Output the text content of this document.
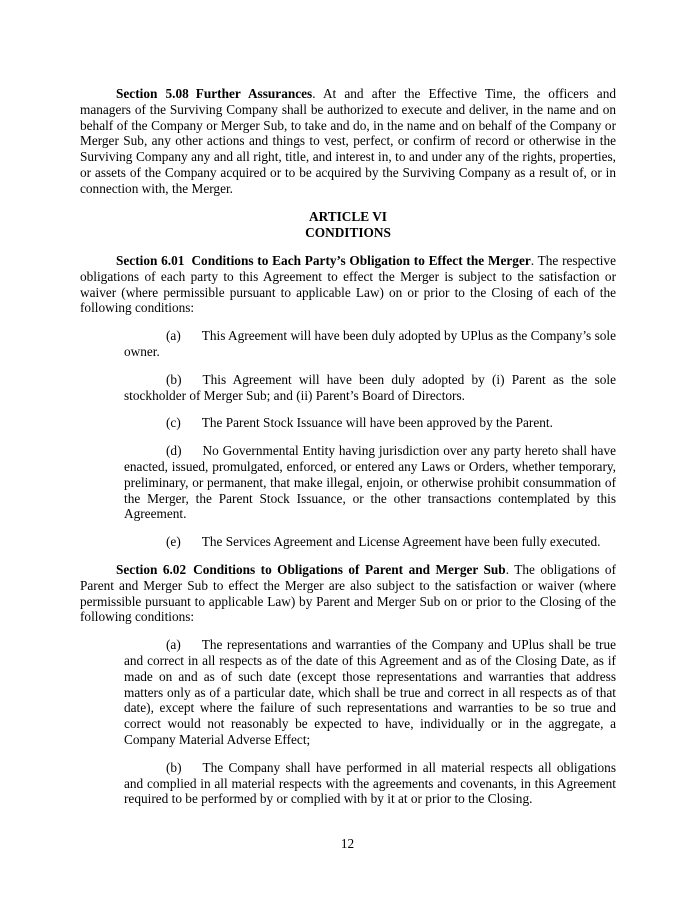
Section 5.08 Further Assurances. At and after the Effective Time, the officers and managers of the Surviving Company shall be authorized to execute and deliver, in the name and on behalf of the Company or Merger Sub, to take and do, in the name and on behalf of the Company or Merger Sub, any other actions and things to vest, perfect, or confirm of record or otherwise in the Surviving Company any and all right, title, and interest in, to and under any of the rights, properties, or assets of the Company acquired or to be acquired by the Surviving Company as a result of, or in connection with, the Merger.

ARTICLE VI
CONDITIONS

Section 6.01 Conditions to Each Party’s Obligation to Effect the Merger. The respective obligations of each party to this Agreement to effect the Merger is subject to the satisfaction or waiver (where permissible pursuant to applicable Law) on or prior to the Closing of each of the following conditions:

(a) This Agreement will have been duly adopted by UPlus as the Company’s sole owner.

(b) This Agreement will have been duly adopted by (i) Parent as the sole stockholder of Merger Sub; and (ii) Parent’s Board of Directors.

(c) The Parent Stock Issuance will have been approved by the Parent.

(d) No Governmental Entity having jurisdiction over any party hereto shall have enacted, issued, promulgated, enforced, or entered any Laws or Orders, whether temporary, preliminary, or permanent, that make illegal, enjoin, or otherwise prohibit consummation of the Merger, the Parent Stock Issuance, or the other transactions contemplated by this Agreement.

(e) The Services Agreement and License Agreement have been fully executed.

Section 6.02 Conditions to Obligations of Parent and Merger Sub. The obligations of Parent and Merger Sub to effect the Merger are also subject to the satisfaction or waiver (where permissible pursuant to applicable Law) by Parent and Merger Sub on or prior to the Closing of the following conditions:

(a) The representations and warranties of the Company and UPlus shall be true and correct in all respects as of the date of this Agreement and as of the Closing Date, as if made on and as of such date (except those representations and warranties that address matters only as of a particular date, which shall be true and correct in all respects as of that date), except where the failure of such representations and warranties to be so true and correct would not reasonably be expected to have, individually or in the aggregate, a Company Material Adverse Effect;

(b) The Company shall have performed in all material respects all obligations and complied in all material respects with the agreements and covenants, in this Agreement required to be performed by or complied with by it at or prior to the Closing.

12
